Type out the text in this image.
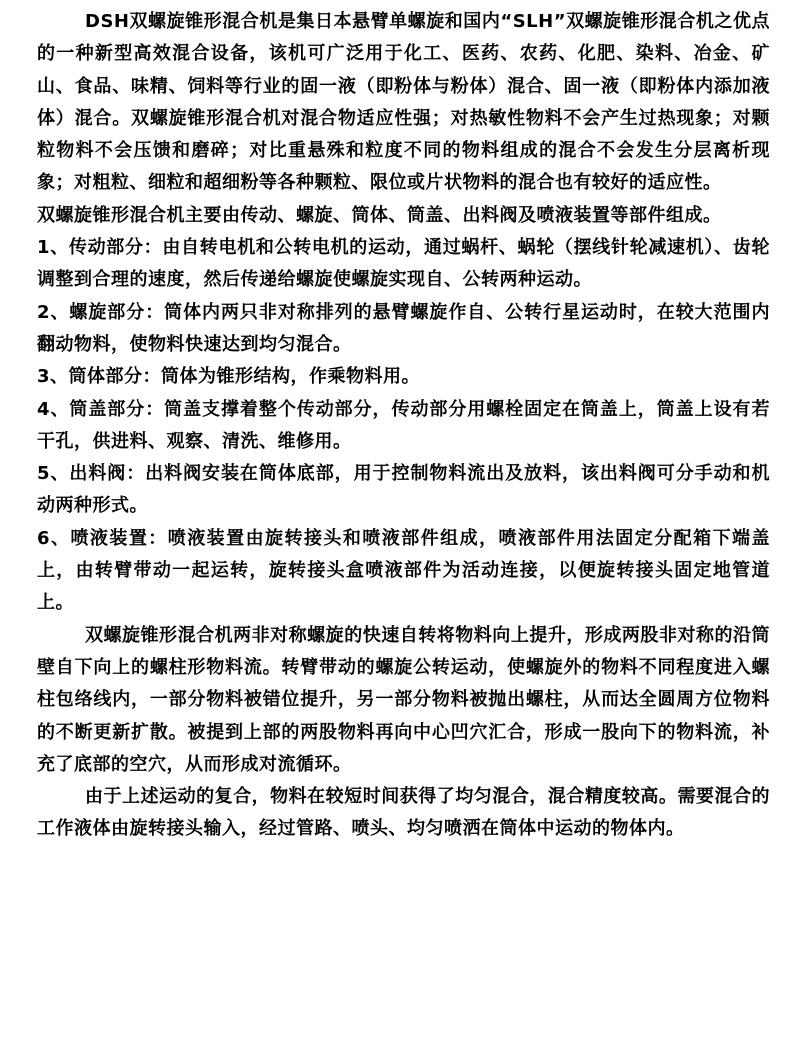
DSH双螺旋锥形混合机是集日本悬臂单螺旋和国内“SLH”双螺旋锥形混合机之优点的一种新型高效混合设备，该机可广泛用于化工、医药、农药、化肥、染料、冶金、矿山、食品、味精、饲料等行业的固一液（即粉体与粉体）混合、固一液（即粉体内添加液体）混合。双螺旋锥形混合机对混合物适应性强；对热敏性物料不会产生过热现象；对颗粒物料不会压馈和磨碎；对比重悬殊和粒度不同的物料组成的混合不会发生分层离析现象；对粗粒、细粒和超细粉等各种颗粒、限位或片状物料的混合也有较好的适应性。

双螺旋锥形混合机主要由传动、螺旋、筒体、筒盖、出料阀及喷液装置等部件组成。

1、传动部分：由自转电机和公转电机的运动，通过蜗杆、蜗轮（摆线针轮减速机）、齿轮调整到合理的速度，然后传递给螺旋使螺旋实现自、公转两种运动。

2、螺旋部分：筒体内两只非对称排列的悬臂螺旋作自、公转行星运动时，在较大范围内翻动物料，使物料快速达到均匀混合。

3、筒体部分：筒体为锥形结构，作乘物料用。

4、筒盖部分：筒盖支撑着整个传动部分，传动部分用螺栓固定在筒盖上，筒盖上设有若干孔，供进料、观察、清洗、维修用。

5、出料阀：出料阀安装在筒体底部，用于控制物料流出及放料，该出料阀可分手动和机动两种形式。

6、喷液装置：喷液装置由旋转接头和喷液部件组成，喷液部件用法固定分配箱下端盖上，由转臂带动一起运转，旋转接头盒喷液部件为活动连接，以便旋转接头固定地管道上。

双螺旋锥形混合机两非对称螺旋的快速自转将物料向上提升，形成两股非对称的沿筒壁自下向上的螺柱形物料流。转臂带动的螺旋公转运动，使螺旋外的物料不同程度进入螺柱包络线内，一部分物料被错位提升，另一部分物料被抛出螺柱，从而达全圆周方位物料的不断更新扩散。被提到上部的两股物料再向中心凹穴汇合，形成一股向下的物料流，补充了底部的空穴，从而形成对流循环。

由于上述运动的复合，物料在较短时间获得了均匀混合，混合精度较高。需要混合的工作液体由旋转接头输入，经过管路、喷头、均匀喷洒在筒体中运动的物体内。
